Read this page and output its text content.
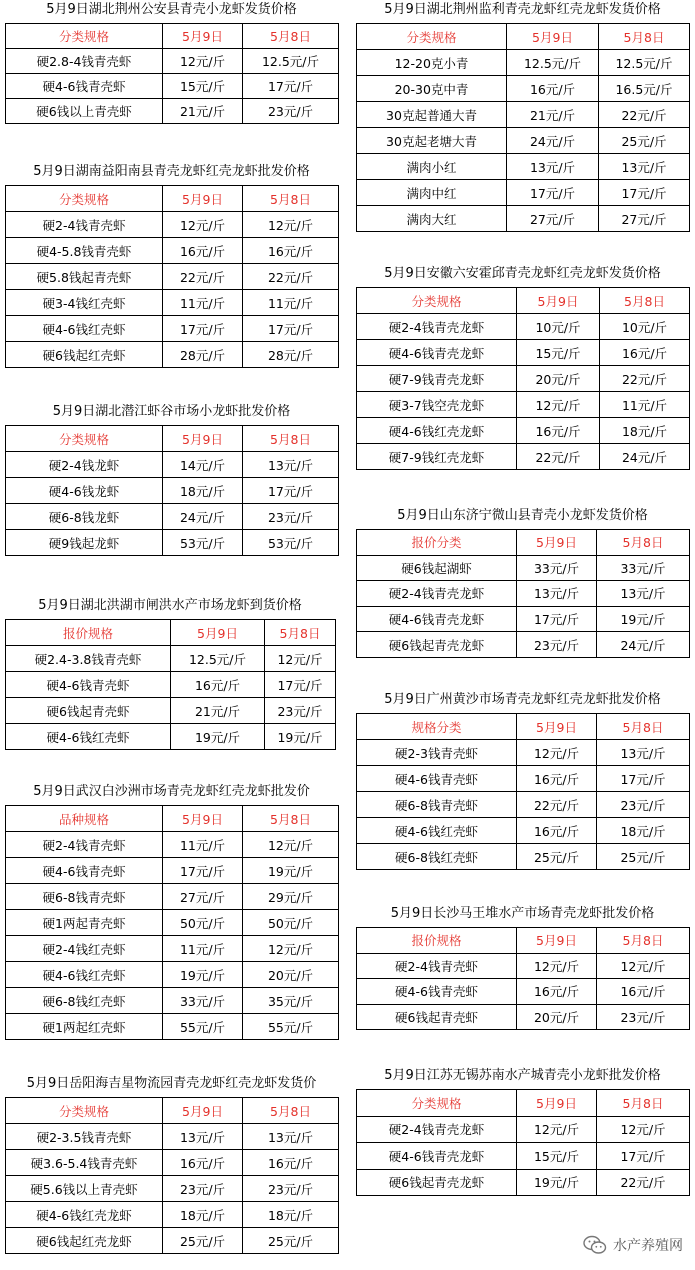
5月9日湖北荆州公安县青壳小龙虾发货价格
分类规格	5月9日	5月8日
硬2.8-4钱青壳虾	12元/斤	12.5元/斤
硬4-6钱青壳虾	15元/斤	17元/斤
硬6钱以上青壳虾	21元/斤	23元/斤
5月9日湖南益阳南县青壳龙虾红壳龙虾批发价格
分类规格	5月9日	5月8日
硬2-4钱青壳虾	12元/斤	12元/斤
硬4-5.8钱青壳虾	16元/斤	16元/斤
硬5.8钱起青壳虾	22元/斤	22元/斤
硬3-4钱红壳虾	11元/斤	11元/斤
硬4-6钱红壳虾	17元/斤	17元/斤
硬6钱起红壳虾	28元/斤	28元/斤
5月9日湖北潜江虾谷市场小龙虾批发价格
分类规格	5月9日	5月8日
硬2-4钱龙虾	14元/斤	13元/斤
硬4-6钱龙虾	18元/斤	17元/斤
硬6-8钱龙虾	24元/斤	23元/斤
硬9钱起龙虾	53元/斤	53元/斤
5月9日湖北洪湖市闸洪水产市场龙虾到货价格
报价规格	5月9日	5月8日
硬2.4-3.8钱青壳虾	12.5元/斤	12元/斤
硬4-6钱青壳虾	16元/斤	17元/斤
硬6钱起青壳虾	21元/斤	23元/斤
硬4-6钱红壳虾	19元/斤	19元/斤
5月9日武汉白沙洲市场青壳龙虾红壳龙虾批发价
品种规格	5月9日	5月8日
硬2-4钱青壳虾	11元/斤	12元/斤
硬4-6钱青壳虾	17元/斤	19元/斤
硬6-8钱青壳虾	27元/斤	29元/斤
硬1两起青壳虾	50元/斤	50元/斤
硬2-4钱红壳虾	11元/斤	12元/斤
硬4-6钱红壳虾	19元/斤	20元/斤
硬6-8钱红壳虾	33元/斤	35元/斤
硬1两起红壳虾	55元/斤	55元/斤
5月9日岳阳海吉星物流园青壳龙虾红壳龙虾发货价
分类规格	5月9日	5月8日
硬2-3.5钱青壳虾	13元/斤	13元/斤
硬3.6-5.4钱青壳虾	16元/斤	16元/斤
硬5.6钱以上青壳虾	23元/斤	23元/斤
硬4-6钱红壳龙虾	18元/斤	18元/斤
硬6钱起红壳龙虾	25元/斤	25元/斤
5月9日湖北荆州监利青壳龙虾红壳龙虾发货价格
分类规格	5月9日	5月8日
12-20克小青	12.5元/斤	12.5元/斤
20-30克中青	16元/斤	16.5元/斤
30克起普通大青	21元/斤	22元/斤
30克起老塘大青	24元/斤	25元/斤
满肉小红	13元/斤	13元/斤
满肉中红	17元/斤	17元/斤
满肉大红	27元/斤	27元/斤
5月9日安徽六安霍邱青壳龙虾红壳龙虾发货价格
分类规格	5月9日	5月8日
硬2-4钱青壳龙虾	10元/斤	10元/斤
硬4-6钱青壳龙虾	15元/斤	16元/斤
硬7-9钱青壳龙虾	20元/斤	22元/斤
硬3-7钱空壳龙虾	12元/斤	11元/斤
硬4-6钱红壳龙虾	16元/斤	18元/斤
硬7-9钱红壳龙虾	22元/斤	24元/斤
5月9日山东济宁微山县青壳小龙虾发货价格
报价分类	5月9日	5月8日
硬6钱起湖虾	33元/斤	33元/斤
硬2-4钱青壳龙虾	13元/斤	13元/斤
硬4-6钱青壳龙虾	17元/斤	19元/斤
硬6钱起青壳龙虾	23元/斤	24元/斤
5月9日广州黄沙市场青壳龙虾红壳龙虾批发价格
规格分类	5月9日	5月8日
硬2-3钱青壳虾	12元/斤	13元/斤
硬4-6钱青壳虾	16元/斤	17元/斤
硬6-8钱青壳虾	22元/斤	23元/斤
硬4-6钱红壳虾	16元/斤	18元/斤
硬6-8钱红壳虾	25元/斤	25元/斤
5月9日长沙马王堆水产市场青壳龙虾批发价格
报价规格	5月9日	5月8日
硬2-4钱青壳虾	12元/斤	12元/斤
硬4-6钱青壳虾	16元/斤	16元/斤
硬6钱起青壳虾	20元/斤	23元/斤
5月9日江苏无锡苏南水产城青壳小龙虾批发价格
分类规格	5月9日	5月8日
硬2-4钱青壳龙虾	12元/斤	12元/斤
硬4-6钱青壳龙虾	15元/斤	17元/斤
硬6钱起青壳龙虾	19元/斤	22元/斤
水产养殖网
